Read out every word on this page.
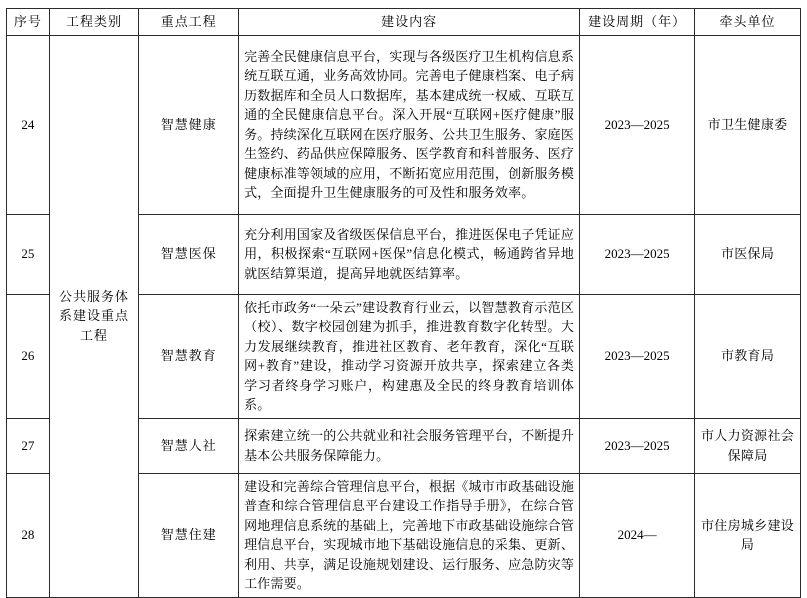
序号	工程类别	重点工程	建设内容	建设周期（年）	牵头单位
24	公共服务体系建设重点工程	智慧健康	完善全民健康信息平台，实现与各级医疗卫生机构信息系统互联互通，业务高效协同。完善电子健康档案、电子病历数据库和全员人口数据库，基本建成统一权威、互联互通的全民健康信息平台。深入开展“互联网+医疗健康”服务。持续深化互联网在医疗服务、公共卫生服务、家庭医生签约、药品供应保障服务、医学教育和科普服务、医疗健康标准等领域的应用，不断拓宽应用范围，创新服务模式，全面提升卫生健康服务的可及性和服务效率。	2023—2025	市卫生健康委
25		智慧医保	充分利用国家及省级医保信息平台，推进医保电子凭证应用，积极探索“互联网+医保”信息化模式，畅通跨省异地就医结算渠道，提高异地就医结算率。	2023—2025	市医保局
26		智慧教育	依托市政务“一朵云”建设教育行业云，以智慧教育示范区（校）、数字校园创建为抓手，推进教育数字化转型。大力发展继续教育，推进社区教育、老年教育，深化“互联网+教育”建设，推动学习资源开放共享，探索建立各类学习者终身学习账户，构建惠及全民的终身教育培训体系。	2023—2025	市教育局
27		智慧人社	探索建立统一的公共就业和社会服务管理平台，不断提升基本公共服务保障能力。	2023—2025	市人力资源社会保障局
28		智慧住建	建设和完善综合管理信息平台，根据《城市市政基础设施普查和综合管理信息平台建设工作指导手册》，在综合管网地理信息系统的基础上，完善地下市政基础设施综合管理信息平台，实现城市地下基础设施信息的采集、更新、利用、共享，满足设施规划建设、运行服务、应急防灾等工作需要。	2024—	市住房城乡建设局
